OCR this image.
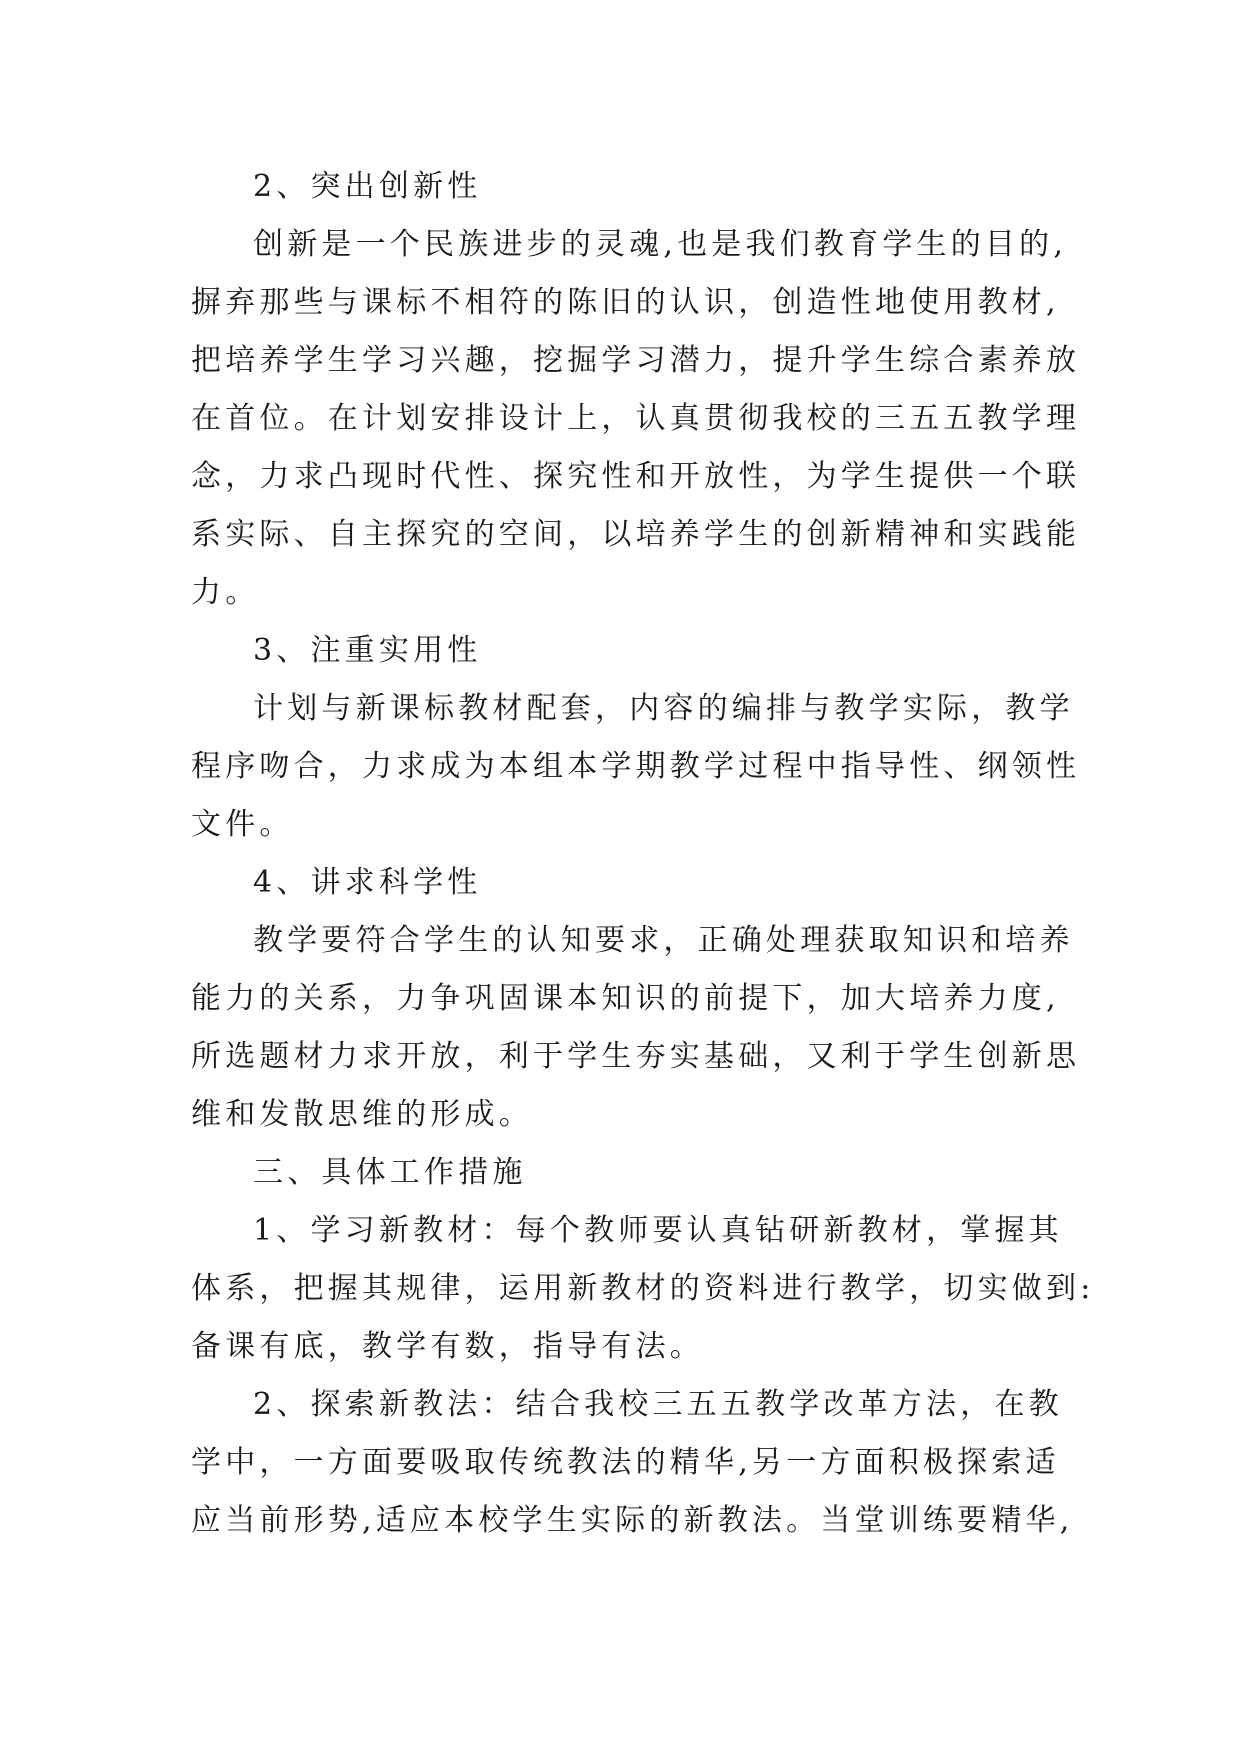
2、突出创新性
创新是一个民族进步的灵魂,也是我们教育学生的目的,
摒弃那些与课标不相符的陈旧的认识，创造性地使用教材,
把培养学生学习兴趣，挖掘学习潜力，提升学生综合素养放
在首位。在计划安排设计上，认真贯彻我校的三五五教学理
念，力求凸现时代性、探究性和开放性，为学生提供一个联
系实际、自主探究的空间，以培养学生的创新精神和实践能
力。
3、注重实用性
计划与新课标教材配套，内容的编排与教学实际，教学
程序吻合，力求成为本组本学期教学过程中指导性、纲领性
文件。
4、讲求科学性
教学要符合学生的认知要求，正确处理获取知识和培养
能力的关系，力争巩固课本知识的前提下，加大培养力度,
所选题材力求开放，利于学生夯实基础，又利于学生创新思
维和发散思维的形成。
三、具体工作措施
1、学习新教材：每个教师要认真钻研新教材，掌握其
体系，把握其规律，运用新教材的资料进行教学，切实做到:
备课有底，教学有数，指导有法。
2、探索新教法：结合我校三五五教学改革方法，在教
学中，一方面要吸取传统教法的精华,另一方面积极探索适
应当前形势,适应本校学生实际的新教法。当堂训练要精华,
